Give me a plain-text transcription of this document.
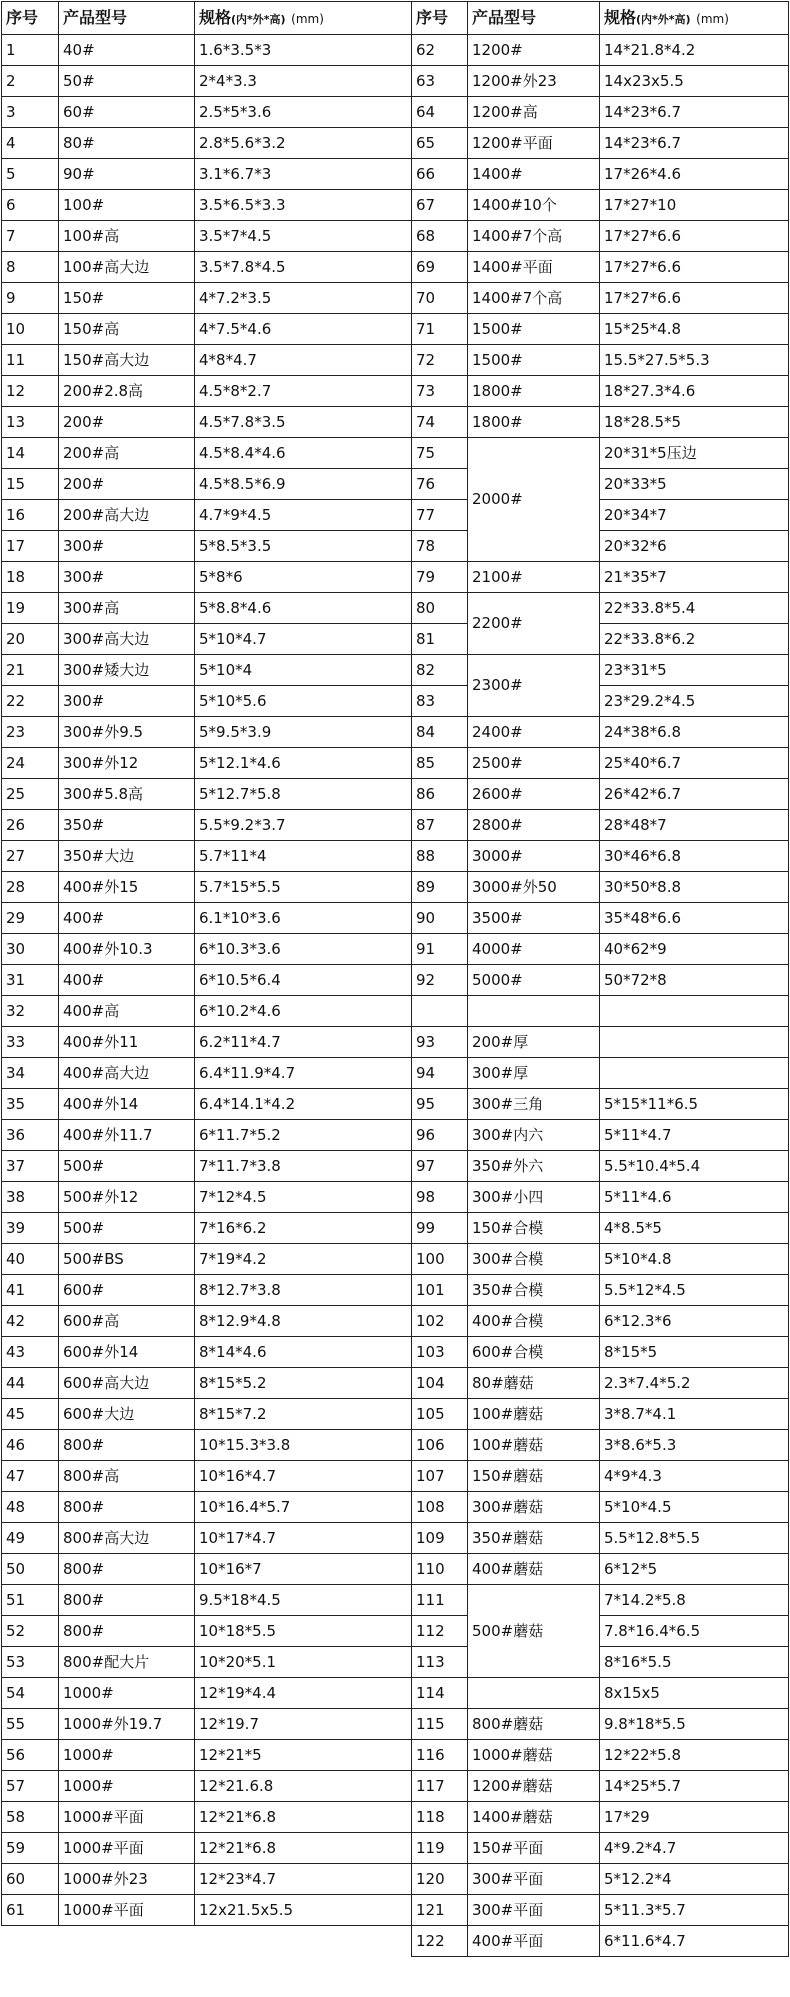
序号	产品型号	规格(内*外*高) (mm)	序号	产品型号	规格(内*外*高) (mm)
1	40#	1.6*3.5*3	62	1200#	14*21.8*4.2
2	50#	2*4*3.3	63	1200#外23	14x23x5.5
3	60#	2.5*5*3.6	64	1200#高	14*23*6.7
4	80#	2.8*5.6*3.2	65	1200#平面	14*23*6.7
5	90#	3.1*6.7*3	66	1400#	17*26*4.6
6	100#	3.5*6.5*3.3	67	1400#10个	17*27*10
7	100#高	3.5*7*4.5	68	1400#7个高	17*27*6.6
8	100#高大边	3.5*7.8*4.5	69	1400#平面	17*27*6.6
9	150#	4*7.2*3.5	70	1400#7个高	17*27*6.6
10	150#高	4*7.5*4.6	71	1500#	15*25*4.8
11	150#高大边	4*8*4.7	72	1500#	15.5*27.5*5.3
12	200#2.8高	4.5*8*2.7	73	1800#	18*27.3*4.6
13	200#	4.5*7.8*3.5	74	1800#	18*28.5*5
14	200#高	4.5*8.4*4.6	75	2000#	20*31*5压边
15	200#	4.5*8.5*6.9	76		20*33*5
16	200#高大边	4.7*9*4.5	77		20*34*7
17	300#	5*8.5*3.5	78		20*32*6
18	300#	5*8*6	79	2100#	21*35*7
19	300#高	5*8.8*4.6	80	2200#	22*33.8*5.4
20	300#高大边	5*10*4.7	81		22*33.8*6.2
21	300#矮大边	5*10*4	82	2300#	23*31*5
22	300#	5*10*5.6	83		23*29.2*4.5
23	300#外9.5	5*9.5*3.9	84	2400#	24*38*6.8
24	300#外12	5*12.1*4.6	85	2500#	25*40*6.7
25	300#5.8高	5*12.7*5.8	86	2600#	26*42*6.7
26	350#	5.5*9.2*3.7	87	2800#	28*48*7
27	350#大边	5.7*11*4	88	3000#	30*46*6.8
28	400#外15	5.7*15*5.5	89	3000#外50	30*50*8.8
29	400#	6.1*10*3.6	90	3500#	35*48*6.6
30	400#外10.3	6*10.3*3.6	91	4000#	40*62*9
31	400#	6*10.5*6.4	92	5000#	50*72*8
32	400#高	6*10.2*4.6			
33	400#外11	6.2*11*4.7	93	200#厚	
34	400#高大边	6.4*11.9*4.7	94	300#厚	
35	400#外14	6.4*14.1*4.2	95	300#三角	5*15*11*6.5
36	400#外11.7	6*11.7*5.2	96	300#内六	5*11*4.7
37	500#	7*11.7*3.8	97	350#外六	5.5*10.4*5.4
38	500#外12	7*12*4.5	98	300#小四	5*11*4.6
39	500#	7*16*6.2	99	150#合模	4*8.5*5
40	500#BS	7*19*4.2	100	300#合模	5*10*4.8
41	600#	8*12.7*3.8	101	350#合模	5.5*12*4.5
42	600#高	8*12.9*4.8	102	400#合模	6*12.3*6
43	600#外14	8*14*4.6	103	600#合模	8*15*5
44	600#高大边	8*15*5.2	104	80#蘑菇	2.3*7.4*5.2
45	600#大边	8*15*7.2	105	100#蘑菇	3*8.7*4.1
46	800#	10*15.3*3.8	106	100#蘑菇	3*8.6*5.3
47	800#高	10*16*4.7	107	150#蘑菇	4*9*4.3
48	800#	10*16.4*5.7	108	300#蘑菇	5*10*4.5
49	800#高大边	10*17*4.7	109	350#蘑菇	5.5*12.8*5.5
50	800#	10*16*7	110	400#蘑菇	6*12*5
51	800#	9.5*18*4.5	111	500#蘑菇	7*14.2*5.8
52	800#	10*18*5.5	112		7.8*16.4*6.5
53	800#配大片	10*20*5.1	113		8*16*5.5
54	1000#	12*19*4.4	114		8x15x5
55	1000#外19.7	12*19.7	115	800#蘑菇	9.8*18*5.5
56	1000#	12*21*5	116	1000#蘑菇	12*22*5.8
57	1000#	12*21.6.8	117	1200#蘑菇	14*25*5.7
58	1000#平面	12*21*6.8	118	1400#蘑菇	17*29
59	1000#平面	12*21*6.8	119	150#平面	4*9.2*4.7
60	1000#外23	12*23*4.7	120	300#平面	5*12.2*4
61	1000#平面	12x21.5x5.5	121	300#平面	5*11.3*5.7
			122	400#平面	6*11.6*4.7
